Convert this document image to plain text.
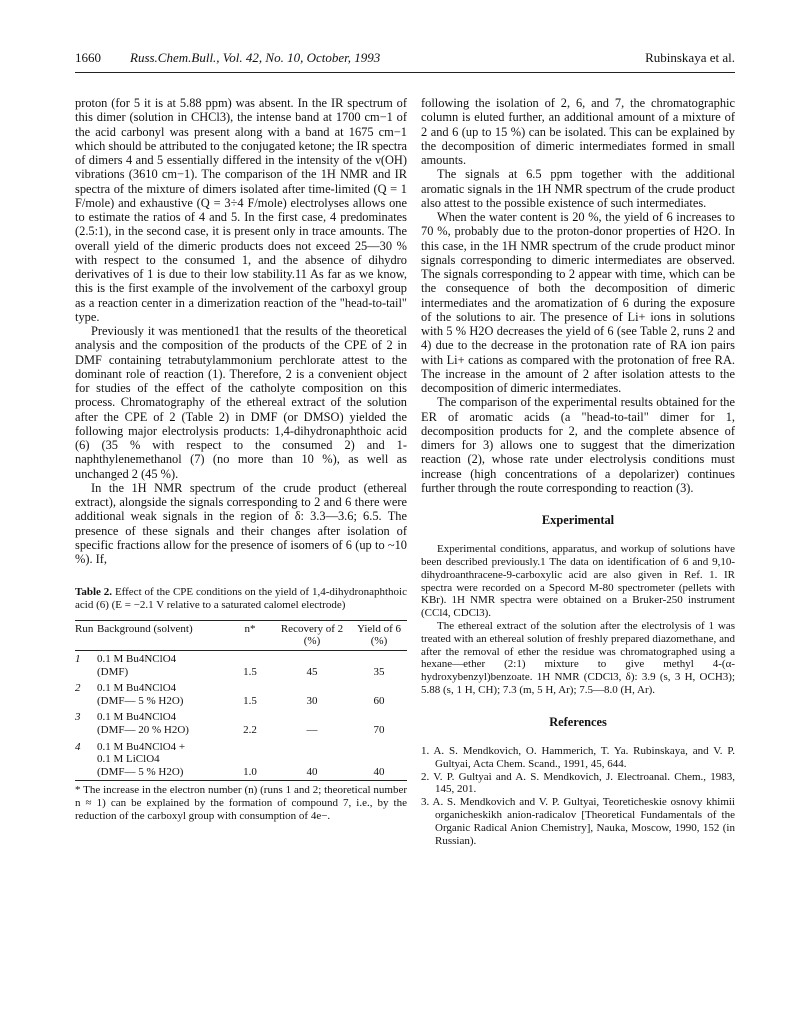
1660 Russ.Chem.Bull., Vol. 42, No. 10, October, 1993	Rubinskaya et al.

proton (for 5 it is at 5.88 ppm) was absent. In the IR spectrum of this dimer (solution in CHCl3), the intense band at 1700 cm−1 of the acid carbonyl was present along with a band at 1675 cm−1 which should be attributed to the conjugated ketone; the IR spectra of dimers 4 and 5 essentially differed in the intensity of the ν(OH) vibrations (3610 cm−1). The comparison of the 1H NMR and IR spectra of the mixture of dimers isolated after time-limited (Q = 1 F/mole) and exhaustive (Q = 3÷4 F/mole) electrolyses allows one to estimate the ratios of 4 and 5. In the first case, 4 predominates (2.5:1), in the second case, it is present only in trace amounts. The overall yield of the dimeric products does not exceed 25—30 % with respect to the consumed 1, and the absence of dihydro derivatives of 1 is due to their low stability.11 As far as we know, this is the first example of the involvement of the carboxyl group as a reaction center in a dimerization reaction of the "head-to-tail" type.

Previously it was mentioned1 that the results of the theoretical analysis and the composition of the products of the CPE of 2 in DMF containing tetrabutylammonium perchlorate attest to the dominant role of reaction (1). Therefore, 2 is a convenient object for studies of the effect of the catholyte composition on this process. Chromatography of the ethereal extract of the solution after the CPE of 2 (Table 2) in DMF (or DMSO) yielded the following major electrolysis products: 1,4-dihydronaphthoic acid (6) (35 % with respect to the consumed 2) and 1-naphthylenemethanol (7) (no more than 10 %), as well as unchanged 2 (45 %).

In the 1H NMR spectrum of the crude product (ethereal extract), alongside the signals corresponding to 2 and 6 there were additional weak signals in the region of δ: 3.3—3.6; 6.5. The presence of these signals and their changes after isolation of specific fractions allow for the presence of isomers of 6 (up to ~10 %). If,

Table 2. Effect of the CPE conditions on the yield of 1,4-dihydronaphthoic acid (6) (E = −2.1 V relative to a saturated calomel electrode)
Run	Background (solvent)	n*	Recovery of 2 (%)	Yield of 6 (%)
1	0.1 M Bu4NClO4
(DMF)	1.5	45	35
2	0.1 M Bu4NClO4
(DMF— 5 % H2O)	1.5	30	60
3	0.1 M Bu4NClO4
(DMF— 20 % H2O)	2.2	—	70
4	0.1 M Bu4NClO4 +
0.1 M LiClO4
(DMF— 5 % H2O)	1.0	40	40
* The increase in the electron number (n) (runs 1 and 2; theoretical number n ≈ 1) can be explained by the formation of compound 7, i.e., by the reduction of the carboxyl group with consumption of 4e−.

following the isolation of 2, 6, and 7, the chromatographic column is eluted further, an additional amount of a mixture of 2 and 6 (up to 15 %) can be isolated. This can be explained by the decomposition of dimeric intermediates formed in small amounts.

The signals at 6.5 ppm together with the additional aromatic signals in the 1H NMR spectrum of the crude product also attest to the possible existence of such intermediates.

When the water content is 20 %, the yield of 6 increases to 70 %, probably due to the proton-donor properties of H2O. In this case, in the 1H NMR spectrum of the crude product minor signals corresponding to dimeric intermediates are observed. The signals corresponding to 2 appear with time, which can be the consequence of both the decomposition of dimeric intermediates and the aromatization of 6 during the exposure of the solutions to air. The presence of Li+ ions in solutions with 5 % H2O decreases the yield of 6 (see Table 2, runs 2 and 4) due to the decrease in the protonation rate of RA ion pairs with Li+ cations as compared with the protonation of free RA. The increase in the amount of 2 after isolation attests to the decomposition of dimeric intermediates.

The comparison of the experimental results obtained for the ER of aromatic acids (a "head-to-tail" dimer for 1, decomposition products for 2, and the complete absence of dimers for 3) allows one to suggest that the dimerization reaction (2), whose rate under electrolysis conditions must increase (high concentrations of a depolarizer) continues further through the route corresponding to reaction (3).

Experimental

Experimental conditions, apparatus, and workup of solutions have been described previously.1 The data on identification of 6 and 9,10-dihydroanthracene-9-carboxylic acid are also given in Ref. 1. IR spectra were recorded on a Specord M-80 spectrometer (pellets with KBr). 1H NMR spectra were obtained on a Bruker-250 instrument (CCl4, CDCl3).

The ethereal extract of the solution after the electrolysis of 1 was treated with an ethereal solution of freshly prepared diazomethane, and after the removal of ether the residue was chromatographed using a hexane—ether (2:1) mixture to give methyl 4-(α-hydroxybenzyl)benzoate. 1H NMR (CDCl3, δ): 3.9 (s, 3 H, OCH3); 5.88 (s, 1 H, CH); 7.3 (m, 5 H, Ar); 7.5—8.0 (H, Ar).

References

1. A. S. Mendkovich, O. Hammerich, T. Ya. Rubinskaya, and V. P. Gultyai, Acta Chem. Scand., 1991, 45, 644.

2. V. P. Gultyai and A. S. Mendkovich, J. Electroanal. Chem., 1983, 145, 201.

3. A. S. Mendkovich and V. P. Gultyai, Teoreticheskie osnovy khimii organicheskikh anion-radicalov [Theoretical Fundamentals of the Organic Radical Anion Chemistry], Nauka, Moscow, 1990, 152 (in Russian).
